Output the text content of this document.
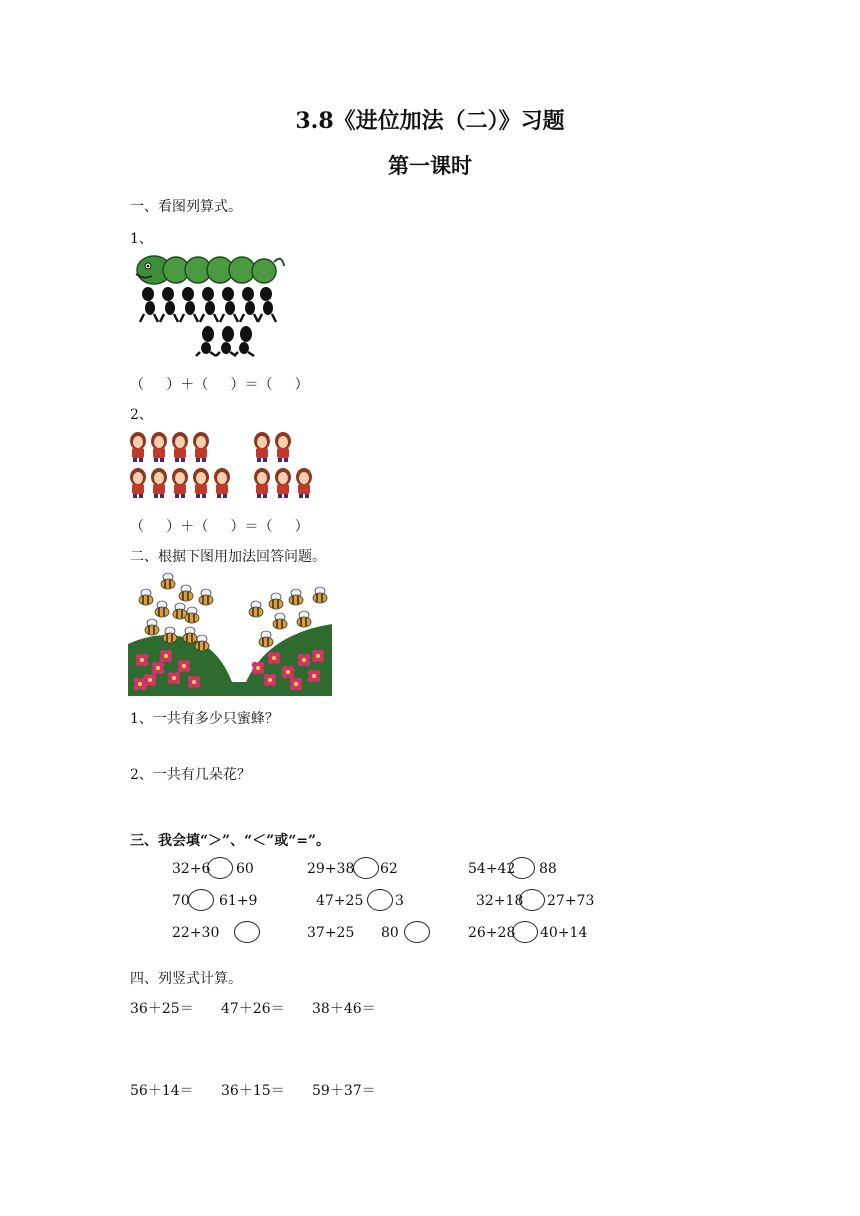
3.8《进位加法（二）》习题
第一课时
一、看图列算式。
1、
（     ）＋（     ）＝（     ）
2、
（     ）＋（     ）＝（     ）
二、根据下图用加法回答问题。
1、一共有多少只蜜蜂？
2、一共有几朵花？
三、我会填“＞”、“＜”或“=”。
32+6 60	29+38 62	54+42 88
70 61+9	47+25 3	32+18 27+73
22+30	37+25 80	26+28 40+14
四、列竖式计算。
36＋25＝ 47＋26＝ 38＋46＝
56＋14＝ 36＋15＝ 59＋37＝
